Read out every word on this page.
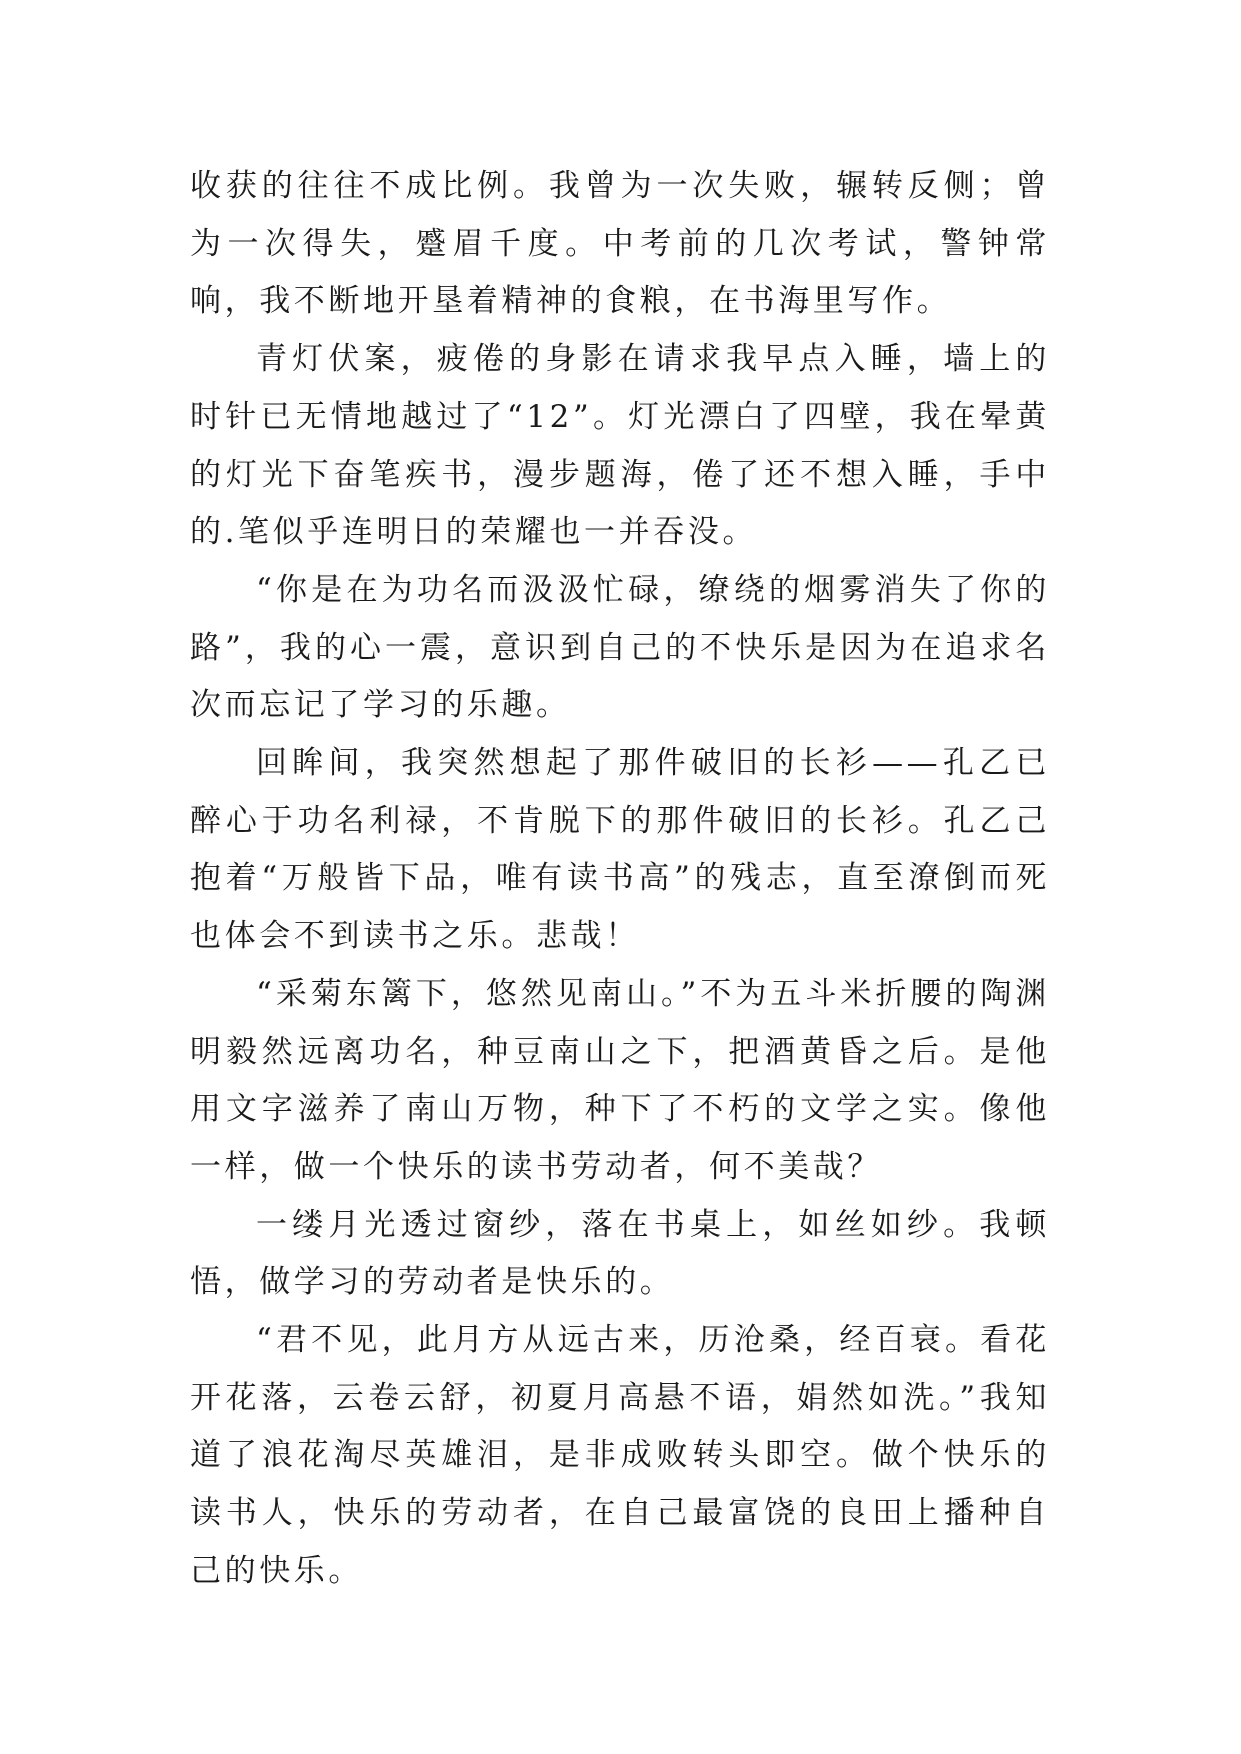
收获的往往不成比例。我曾为一次失败，辗转反侧；曾为一次得失，蹙眉千度。中考前的几次考试，警钟常响，我不断地开垦着精神的食粮，在书海里写作。

青灯伏案，疲倦的身影在请求我早点入睡，墙上的时针已无情地越过了“12”。灯光漂白了四壁，我在晕黄的灯光下奋笔疾书，漫步题海，倦了还不想入睡，手中的.笔似乎连明日的荣耀也一并吞没。

“你是在为功名而汲汲忙碌，缭绕的烟雾消失了你的路”，我的心一震，意识到自己的不快乐是因为在追求名次而忘记了学习的乐趣。

回眸间，我突然想起了那件破旧的长衫——孔乙已醉心于功名利禄，不肯脱下的那件破旧的长衫。孔乙己抱着“万般皆下品，唯有读书高”的残志，直至潦倒而死也体会不到读书之乐。悲哉！

“采菊东篱下，悠然见南山。”不为五斗米折腰的陶渊明毅然远离功名，种豆南山之下，把酒黄昏之后。是他用文字滋养了南山万物，种下了不朽的文学之实。像他一样，做一个快乐的读书劳动者，何不美哉？

一缕月光透过窗纱，落在书桌上，如丝如纱。我顿悟，做学习的劳动者是快乐的。

“君不见，此月方从远古来，历沧桑，经百衰。看花开花落，云卷云舒，初夏月高悬不语，娟然如洗。”我知道了浪花淘尽英雄泪，是非成败转头即空。做个快乐的读书人，快乐的劳动者，在自己最富饶的良田上播种自己的快乐。
